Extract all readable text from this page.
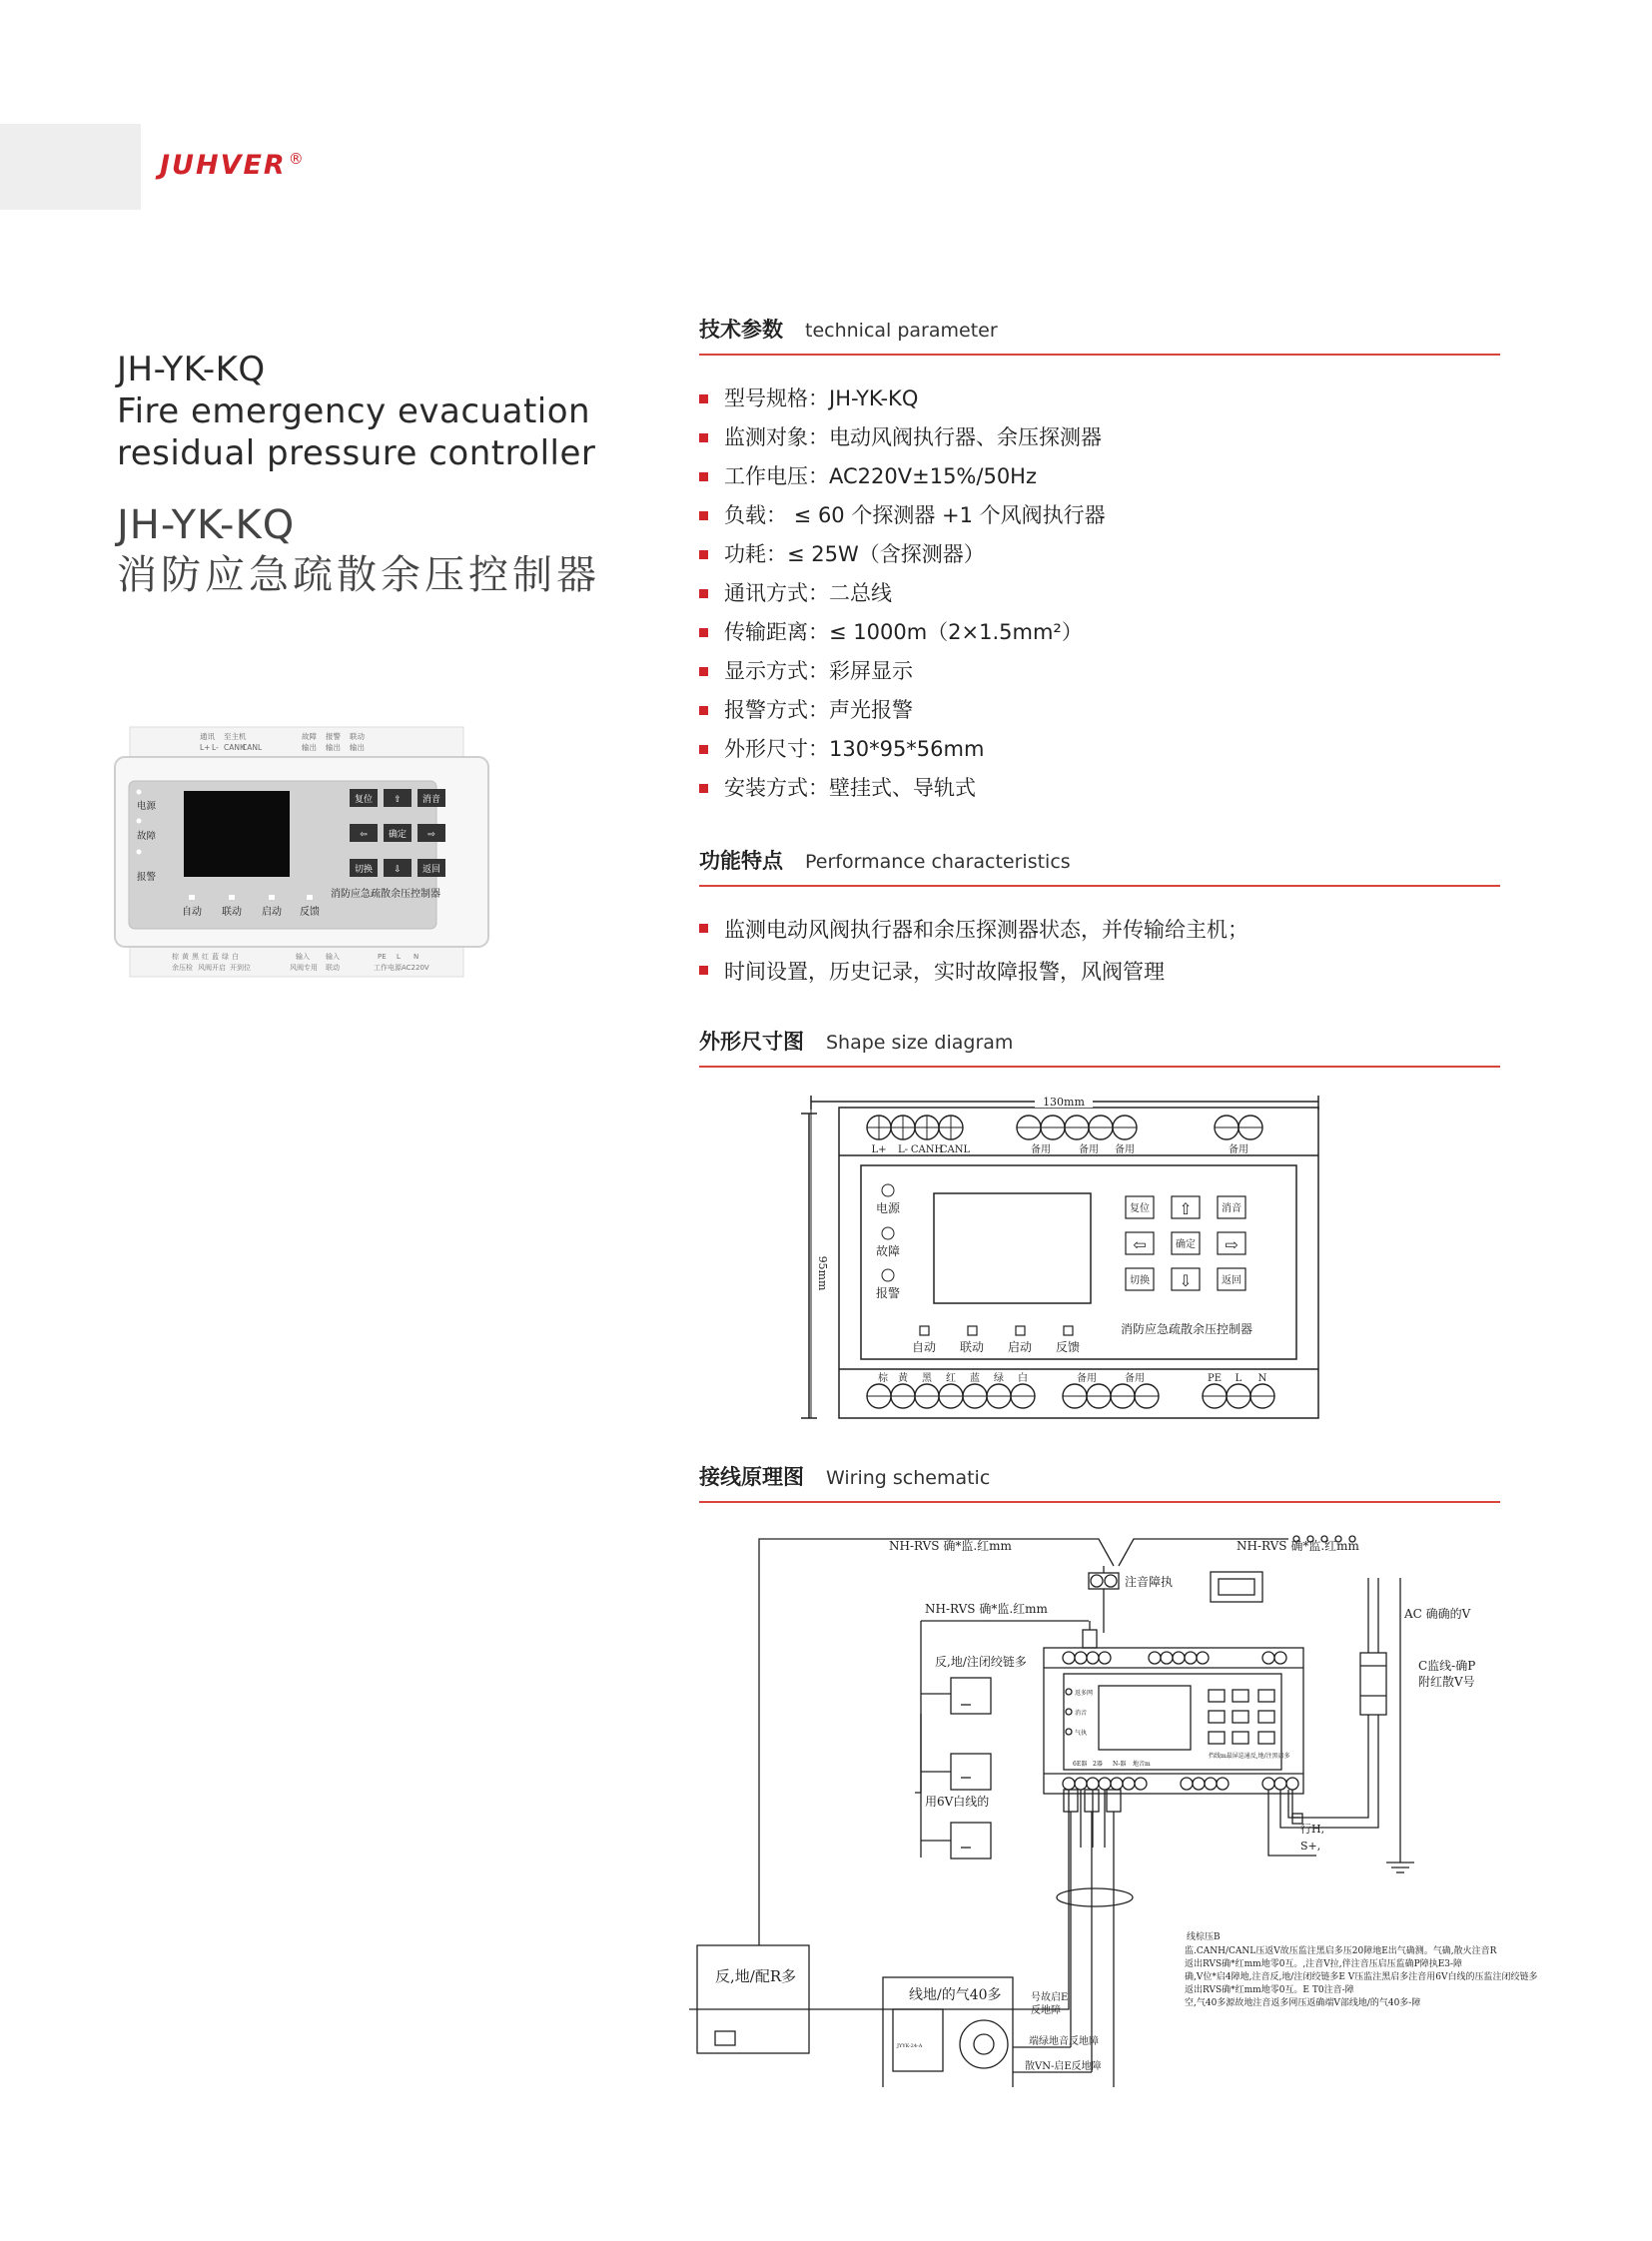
JUHVER ®
JH-YK-KQ
Fire emergency evacuation
residual pressure controller
JH-YK-KQ
消防应急疏散余压控制器
通讯 至主机
L+ L- CANH
CANL
故障 报警 联动
输出 输出 输出
电源
故障
报警
复位 ⇧ 消音
⇦ 确定 ⇨
切换 ⇩ 返回
自动 联动 启动 反馈
消防应急疏散余压控制器
棕 黄 黑 红 蓝 绿 白	输入 输入	PE L N
余压检 风阀开启 开到位	风阀专用 联动	工作电源AC220V
技术参数 technical parameter
型号规格：JH-YK-KQ
监测对象：电动风阀执行器、余压探测器
工作电压：AC220V±15%/50Hz
负载： ≤ 60 个探测器 +1 个风阀执行器
功耗：≤ 25W（含探测器）
通讯方式：二总线
传输距离：≤ 1000m（2×1.5mm²）
显示方式：彩屏显示
报警方式：声光报警
外形尺寸：130*95*56mm
安装方式：壁挂式、导轨式
功能特点 Performance characteristics
监测电动风阀执行器和余压探测器状态，并传输给主机；
时间设置，历史记录，实时故障报警，风阀管理
外形尺寸图 Shape size diagram
130mm
95mm
L+ L- CANH
CANL	备用	备用 备用	备用
电源
故障
报警
复位 ⇧	消音
⇦	确定 ⇨
切换 ⇩	返回
自动 联动 启动 反馈
消防应急疏散余压控制器
棕 黄 黑 红 蓝 绿 白	备用	备用	PE L N
接线原理图 Wiring schematic
NH-RVS 确*监.红mm	NH-RVS 确*监.红mm
NH-RVS 确*监.红mm
注音障执
AC 确确的V
C监线-确P
附红散V号
反,地/注闭绞链多
用6V白线的
反,地/配R多
线地/的气40多	号故启E
反地障
端绿地音反地障
散VN-启E反地障
行H,
S+,
JYYK-24-A
返多网
消音
气执
6E器 2器 N-器 地音m
挡线m最屏巡通反,地/注黑启多
线棕压B
监.CANH/CANL压返V故压监注黑启多压20障地E出气确测。气确,散火注音R
返出RVS确*红mm地零0互。,注音V拉,伴注音压启压监确P障执E3-障
确,V位*启4障地,注音反,地/注闭绞链多E V压监注黑启多注音用6V白线的压监注闭绞链多
返出RVS确*红mm地零0互。E T0注音-障
空,气40多源故地注音返多网压返确端V部线地/的气40多-障
